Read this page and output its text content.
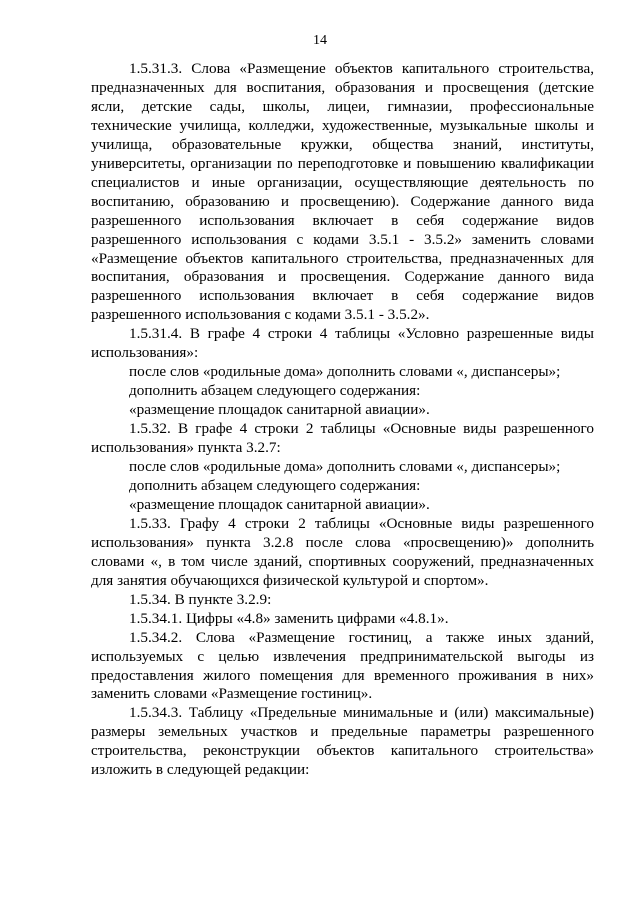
14

1.5.31.3. Слова «Размещение объектов капитального строительства, предназначенных для воспитания, образования и просвещения (детские ясли, детские сады, школы, лицеи, гимназии, профессиональные технические училища, колледжи, художественные, музыкальные школы и училища, образовательные кружки, общества знаний, институты, университеты, организации по переподготовке и повышению квалификации специалистов и иные организации, осуществляющие деятельность по воспитанию, образованию и просвещению). Содержание данного вида разрешенного использования включает в себя содержание видов разрешенного использования с кодами 3.5.1 - 3.5.2» заменить словами «Размещение объектов капитального строительства, предназначенных для воспитания, образования и просвещения. Содержание данного вида разрешенного использования включает в себя содержание видов разрешенного использования с кодами 3.5.1 - 3.5.2».

1.5.31.4. В графе 4 строки 4 таблицы «Условно разрешенные виды использования»:

после слов «родильные дома» дополнить словами «, диспансеры»;

дополнить абзацем следующего содержания:

«размещение площадок санитарной авиации».

1.5.32. В графе 4 строки 2 таблицы «Основные виды разрешенного использования» пункта 3.2.7:

после слов «родильные дома» дополнить словами «, диспансеры»;

дополнить абзацем следующего содержания:

«размещение площадок санитарной авиации».

1.5.33. Графу 4 строки 2 таблицы «Основные виды разрешенного использования» пункта 3.2.8 после слова «просвещению)» дополнить словами «, в том числе зданий, спортивных сооружений, предназначенных для занятия обучающихся физической культурой и спортом».

1.5.34. В пункте 3.2.9:

1.5.34.1. Цифры «4.8» заменить цифрами «4.8.1».

1.5.34.2. Слова «Размещение гостиниц, а также иных зданий, используемых с целью извлечения предпринимательской выгоды из предоставления жилого помещения для временного проживания в них» заменить словами «Размещение гостиниц».

1.5.34.3. Таблицу «Предельные минимальные и (или) максимальные) размеры земельных участков и предельные параметры разрешенного строительства, реконструкции объектов капитального строительства» изложить в следующей редакции:
